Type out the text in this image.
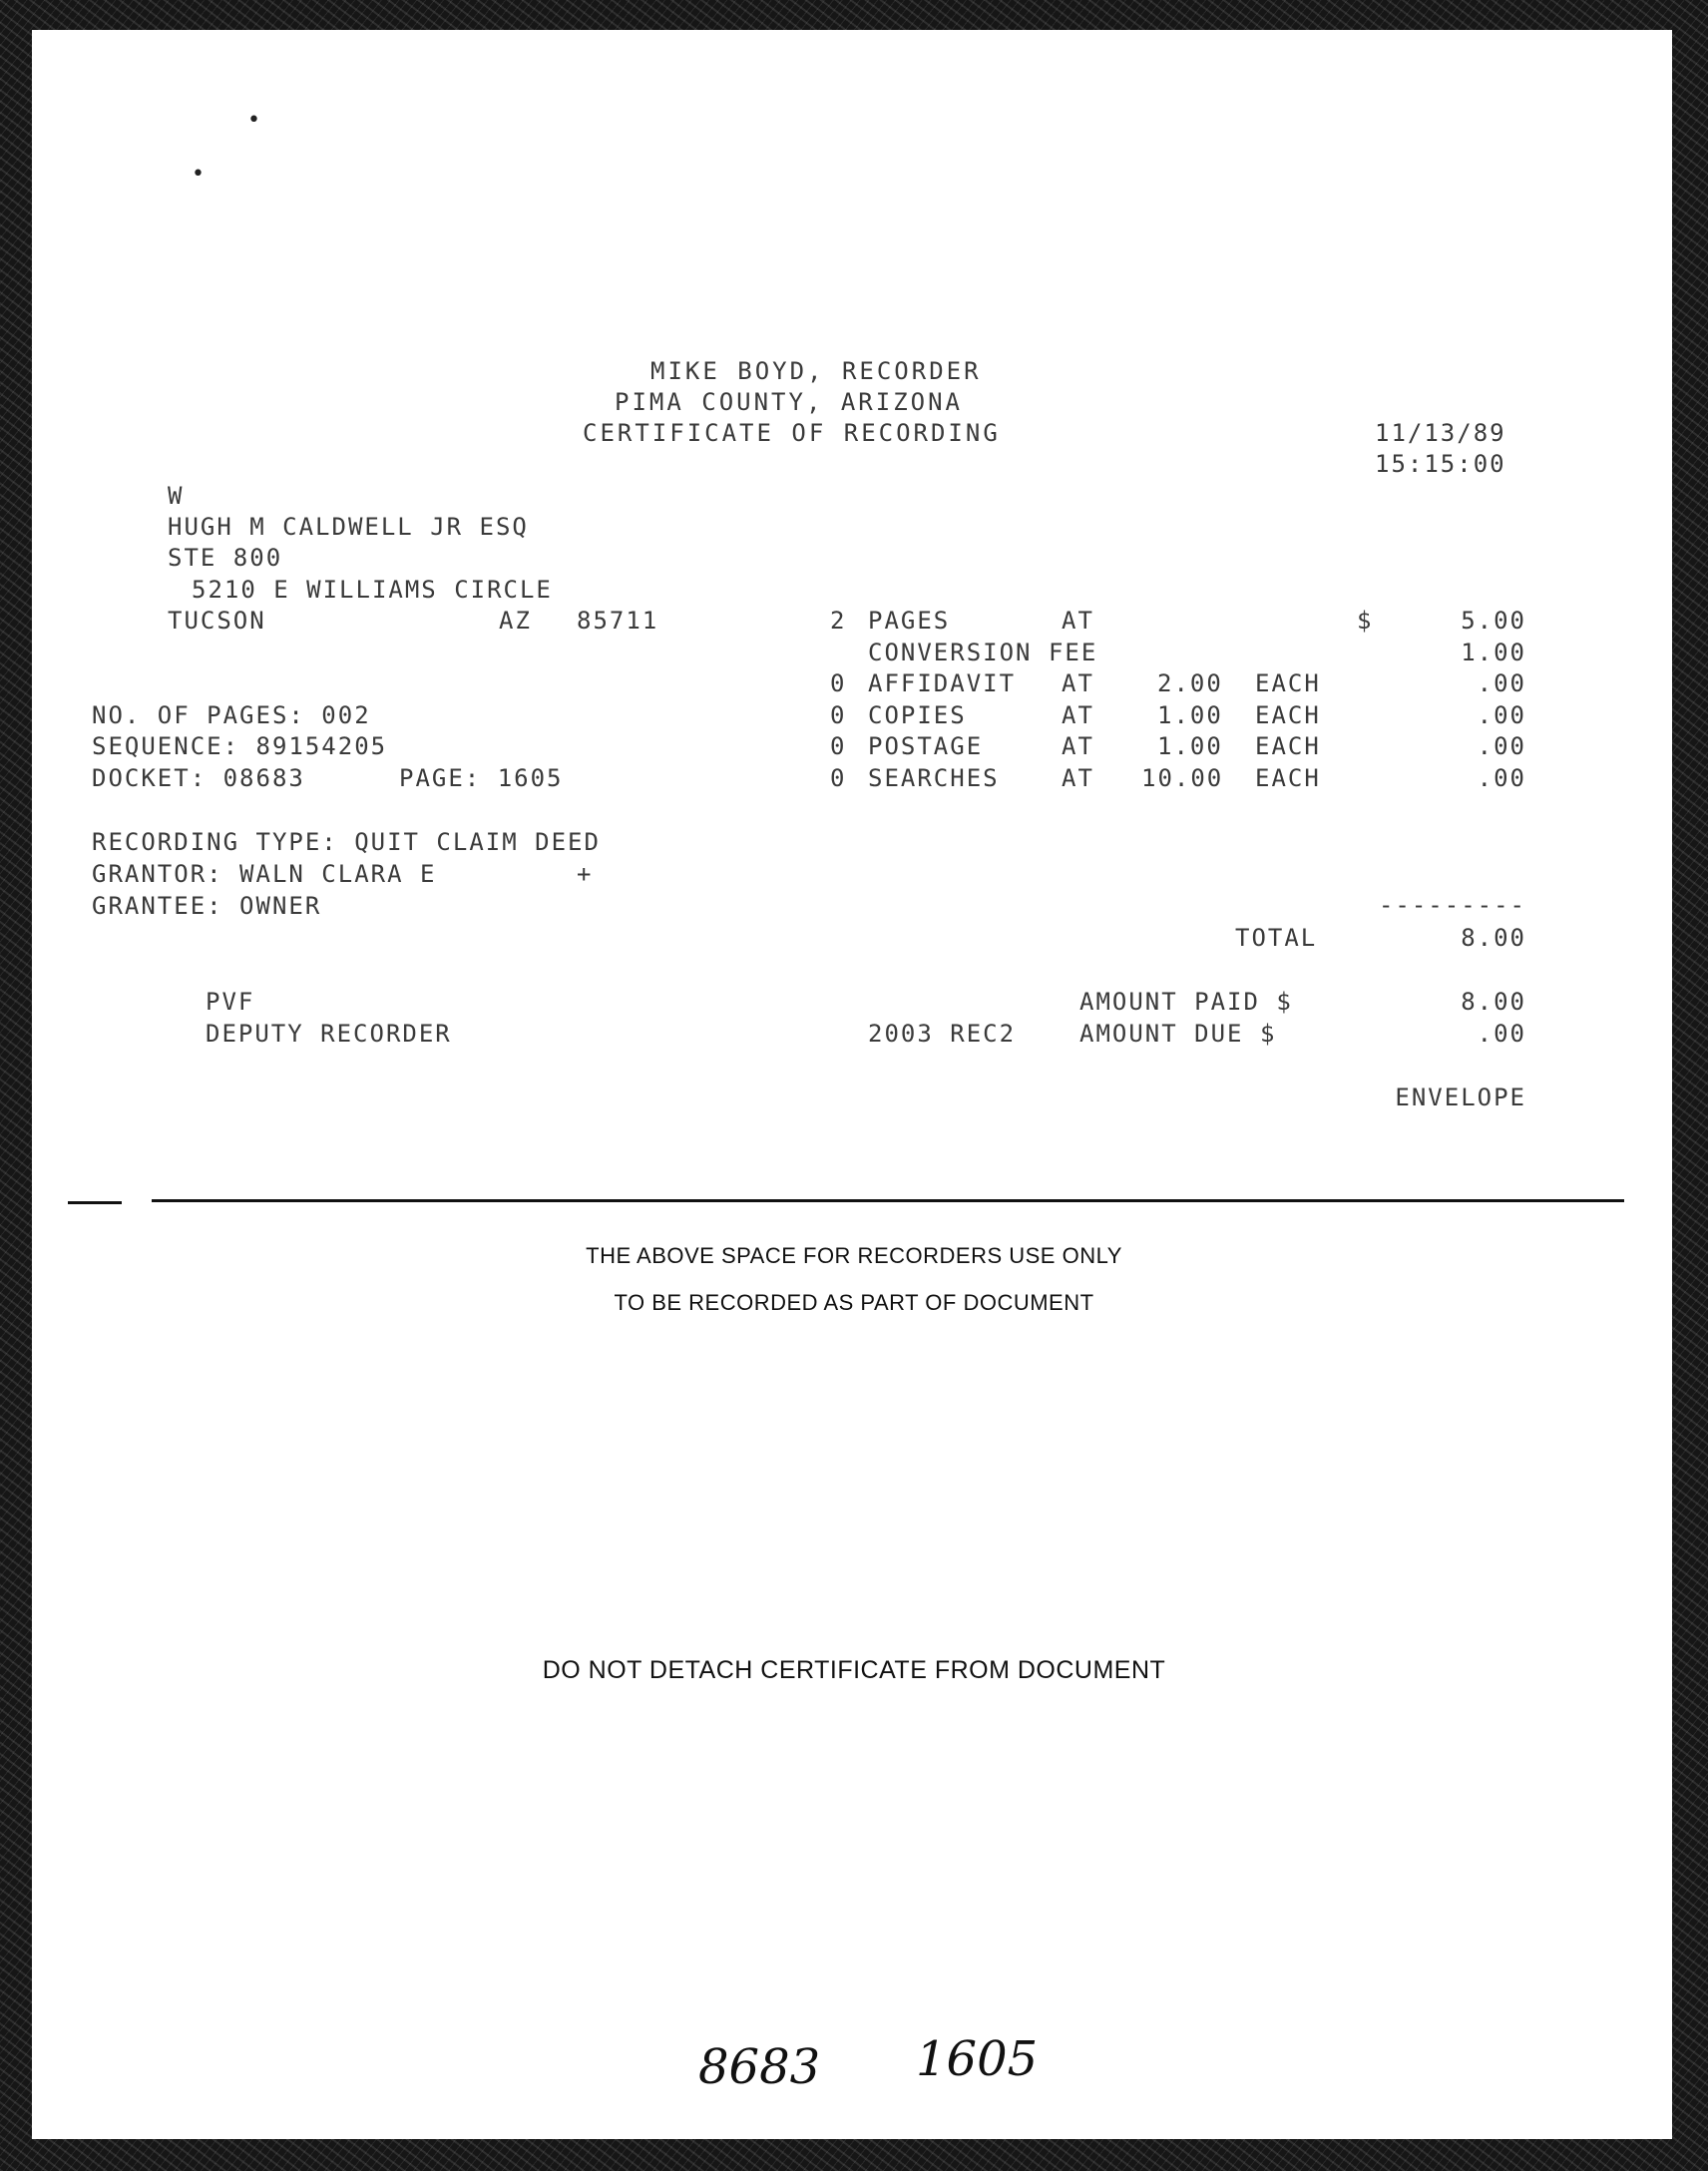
•
•
MIKE BOYD, RECORDER
PIMA COUNTY, ARIZONA
CERTIFICATE OF RECORDING	11/13/89
15:15:00
W
HUGH M CALDWELL JR ESQ
STE 800
5210 E WILLIAMS CIRCLE
TUCSON	AZ 85711	2 PAGES	AT	$	5.00
CONVERSION FEE	1.00
0 AFFIDAVIT AT	2.00 EACH	.00
0 COPIES	AT	1.00 EACH	.00
0 POSTAGE	AT	1.00 EACH	.00
0 SEARCHES	AT 10.00 EACH	.00
NO. OF PAGES: 002
SEQUENCE: 89154205
DOCKET: 08683	PAGE: 1605
RECORDING TYPE: QUIT CLAIM DEED
GRANTOR: WALN CLARA E	+
GRANTEE: OWNER	---------
TOTAL	8.00
PVF
DEPUTY RECORDER	2003 REC2
AMOUNT PAID $	8.00
AMOUNT DUE $	.00
ENVELOPE
THE ABOVE SPACE FOR RECORDERS USE ONLY
TO BE RECORDED AS PART OF DOCUMENT
DO NOT DETACH CERTIFICATE FROM DOCUMENT
8683 1605
